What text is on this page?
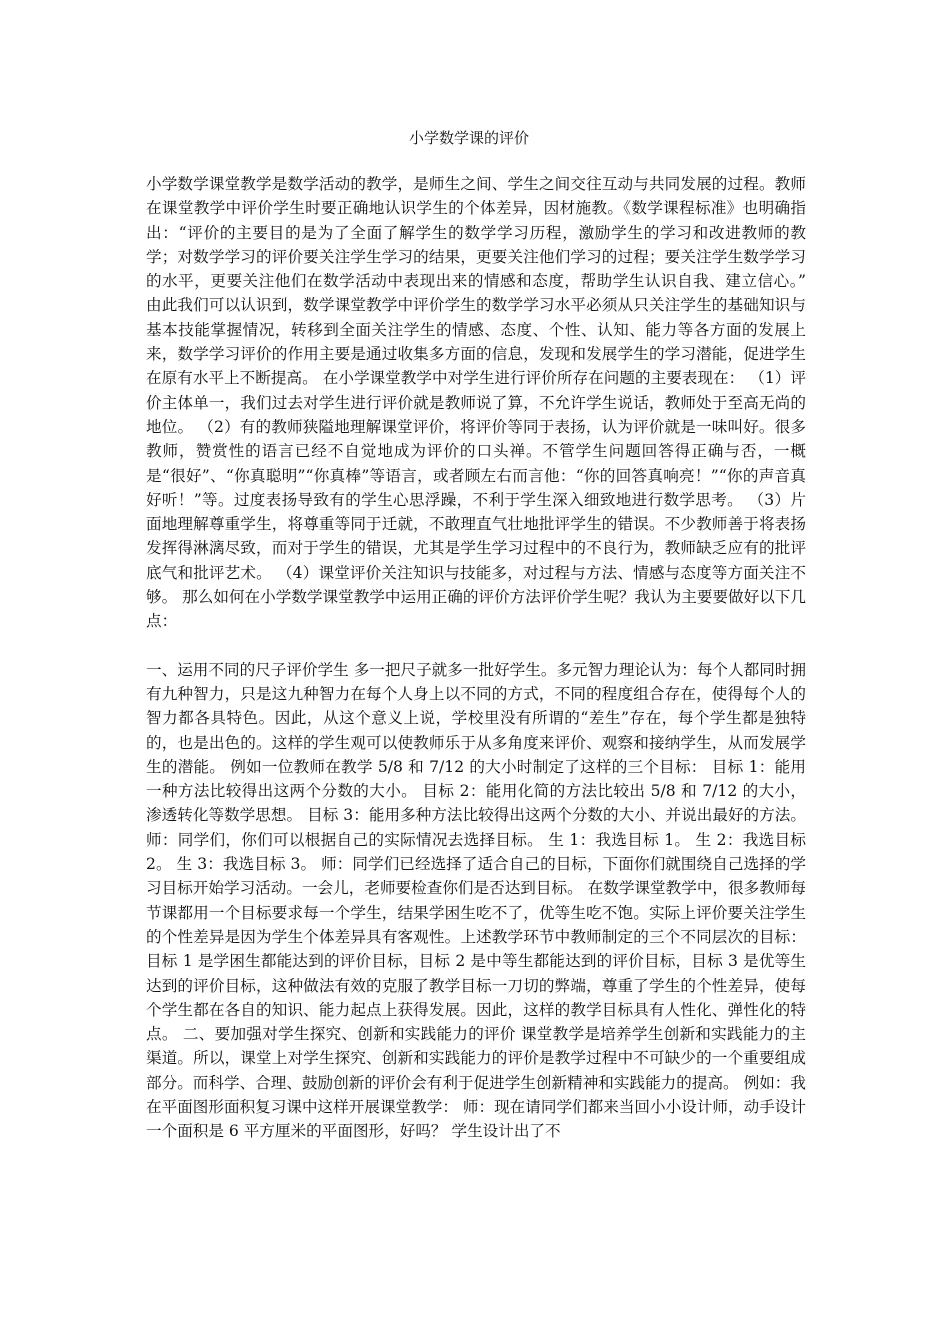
小学数学课的评价

小学数学课堂教学是数学活动的教学，是师生之间、学生之间交往互动与共同发展的过程。教师在课堂教学中评价学生时要正确地认识学生的个体差异，因材施教。《数学课程标准》也明确指出：“评价的主要目的是为了全面了解学生的数学学习历程，激励学生的学习和改进教师的教学；对数学学习的评价要关注学生学习的结果，更要关注他们学习的过程；要关注学生数学学习的水平，更要关注他们在数学活动中表现出来的情感和态度，帮助学生认识自我、建立信心。” 由此我们可以认识到，数学课堂教学中评价学生的数学学习水平必须从只关注学生的基础知识与基本技能掌握情况，转移到全面关注学生的情感、态度、个性、认知、能力等各方面的发展上来，数学学习评价的作用主要是通过收集多方面的信息，发现和发展学生的学习潜能，促进学生在原有水平上不断提高。 在小学课堂教学中对学生进行评价所存在问题的主要表现在： （1）评价主体单一，我们过去对学生进行评价就是教师说了算，不允许学生说话，教师处于至高无尚的地位。 （2）有的教师狭隘地理解课堂评价，将评价等同于表扬，认为评价就是一味叫好。很多教师，赞赏性的语言已经不自觉地成为评价的口头禅。不管学生问题回答得正确与否，一概是“很好”、“你真聪明”“你真棒”等语言，或者顾左右而言他：“你的回答真响亮！”“你的声音真好听！”等。过度表扬导致有的学生心思浮躁，不利于学生深入细致地进行数学思考。 （3）片面地理解尊重学生，将尊重等同于迁就，不敢理直气壮地批评学生的错误。不少教师善于将表扬发挥得淋漓尽致，而对于学生的错误，尤其是学生学习过程中的不良行为，教师缺乏应有的批评底气和批评艺术。 （4）课堂评价关注知识与技能多，对过程与方法、情感与态度等方面关注不够。 那么如何在小学数学课堂教学中运用正确的评价方法评价学生呢？我认为主要要做好以下几点：

一、运用不同的尺子评价学生 多一把尺子就多一批好学生。多元智力理论认为：每个人都同时拥有九种智力，只是这九种智力在每个人身上以不同的方式，不同的程度组合存在，使得每个人的智力都各具特色。因此，从这个意义上说，学校里没有所谓的“差生”存在，每个学生都是独特的，也是出色的。这样的学生观可以使教师乐于从多角度来评价、观察和接纳学生，从而发展学生的潜能。 例如一位教师在教学 5/8 和 7/12 的大小时制定了这样的三个目标： 目标 1：能用一种方法比较得出这两个分数的大小。 目标 2：能用化简的方法比较出 5/8 和 7/12 的大小，渗透转化等数学思想。 目标 3：能用多种方法比较得出这两个分数的大小、并说出最好的方法。 师：同学们，你们可以根据自己的实际情况去选择目标。 生 1：我选目标 1。 生 2：我选目标 2。 生 3：我选目标 3。 师：同学们已经选择了适合自己的目标，下面你们就围绕自己选择的学习目标开始学习活动。一会儿，老师要检查你们是否达到目标。 在数学课堂教学中，很多教师每节课都用一个目标要求每一个学生，结果学困生吃不了，优等生吃不饱。实际上评价要关注学生的个性差异是因为学生个体差异具有客观性。上述教学环节中教师制定的三个不同层次的目标：目标 1 是学困生都能达到的评价目标，目标 2 是中等生都能达到的评价目标，目标 3 是优等生达到的评价目标，这种做法有效的克服了教学目标一刀切的弊端，尊重了学生的个性差异，使每个学生都在各自的知识、能力起点上获得发展。因此，这样的教学目标具有人性化、弹性化的特点。 二、要加强对学生探究、创新和实践能力的评价 课堂教学是培养学生创新和实践能力的主渠道。所以，课堂上对学生探究、创新和实践能力的评价是教学过程中不可缺少的一个重要组成部分。而科学、合理、鼓励创新的评价会有利于促进学生创新精神和实践能力的提高。 例如：我在平面图形面积复习课中这样开展课堂教学： 师：现在请同学们都来当回小小设计师，动手设计一个面积是 6 平方厘米的平面图形，好吗？ 学生设计出了不
